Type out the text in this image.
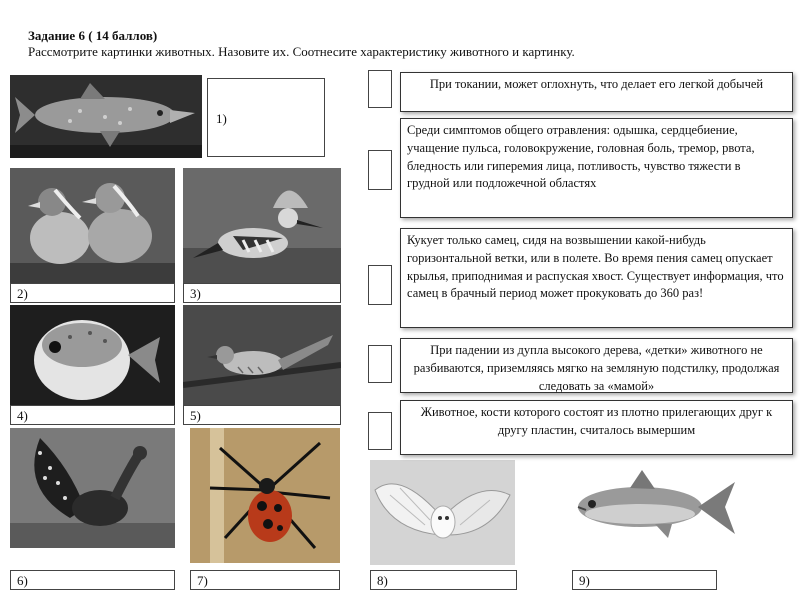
Задание 6 ( 14 баллов)
Рассмотрите картинки животных. Назовите их. Соотнесите характеристику животного и картинку.
1)
2)	3)
4)	5)
6)	7)	8)	9)
При токании, может оглохнуть, что делает его легкой добычей
Среди симптомов общего отравления: одышка, сердцебиение, учащение пульса, головокружение, головная боль, тремор, рвота, бледность или гиперемия лица, потливость, чувство тяжести в грудной или подложечной областях
Кукует только самец, сидя на возвышении какой-нибудь горизонтальной ветки, или в полете. Во время пения самец опускает крылья, приподнимая и распуская хвост. Существует информация, что самец в брачный период может прокуковать до 360 раз!
При падении из дупла высокого дерева, «детки» животного не разбиваются, приземляясь мягко на земляную подстилку, продолжая следовать за «мамой»
Животное, кости которого состоят из плотно прилегающих друг к другу пластин, считалось вымершим
